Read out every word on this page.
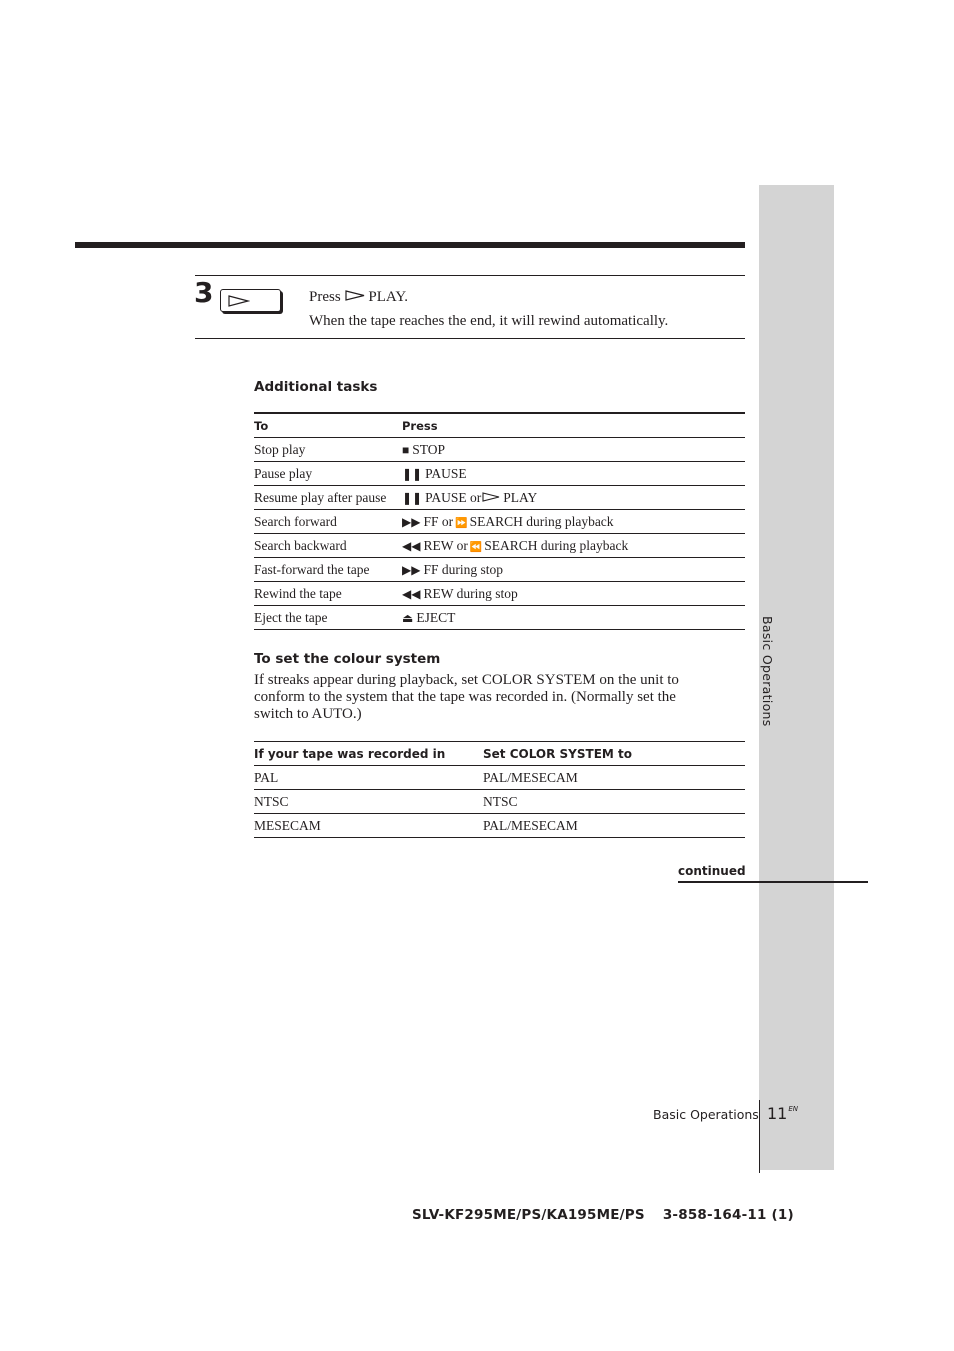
Basic Operations
3	Press PLAY.
When the tape reaches the end, it will rewind automatically.
Additional tasks
To	Press
Stop play	■ STOP
Pause play	❚❚ PAUSE
Resume play after pause	❚❚ PAUSE or PLAY
Search forward	▶▶ FF or ⏩ SEARCH during playback
Search backward	◀◀ REW or ⏪ SEARCH during playback
Fast-forward the tape	▶▶ FF during stop
Rewind the tape	◀◀ REW during stop
Eject the tape	⏏ EJECT
To set the colour system
If streaks appear during playback, set COLOR SYSTEM on the unit to
conform to the system that the tape was recorded in. (Normally set the
switch to AUTO.)
If your tape was recorded in	Set COLOR SYSTEM to
PAL	PAL/MESECAM
NTSC	NTSC
MESECAM	PAL/MESECAM
continued
Basic Operations $11^{EN}$
SLV-KF295ME/PS/KA195ME/PS 3-858-164-11 (1)
